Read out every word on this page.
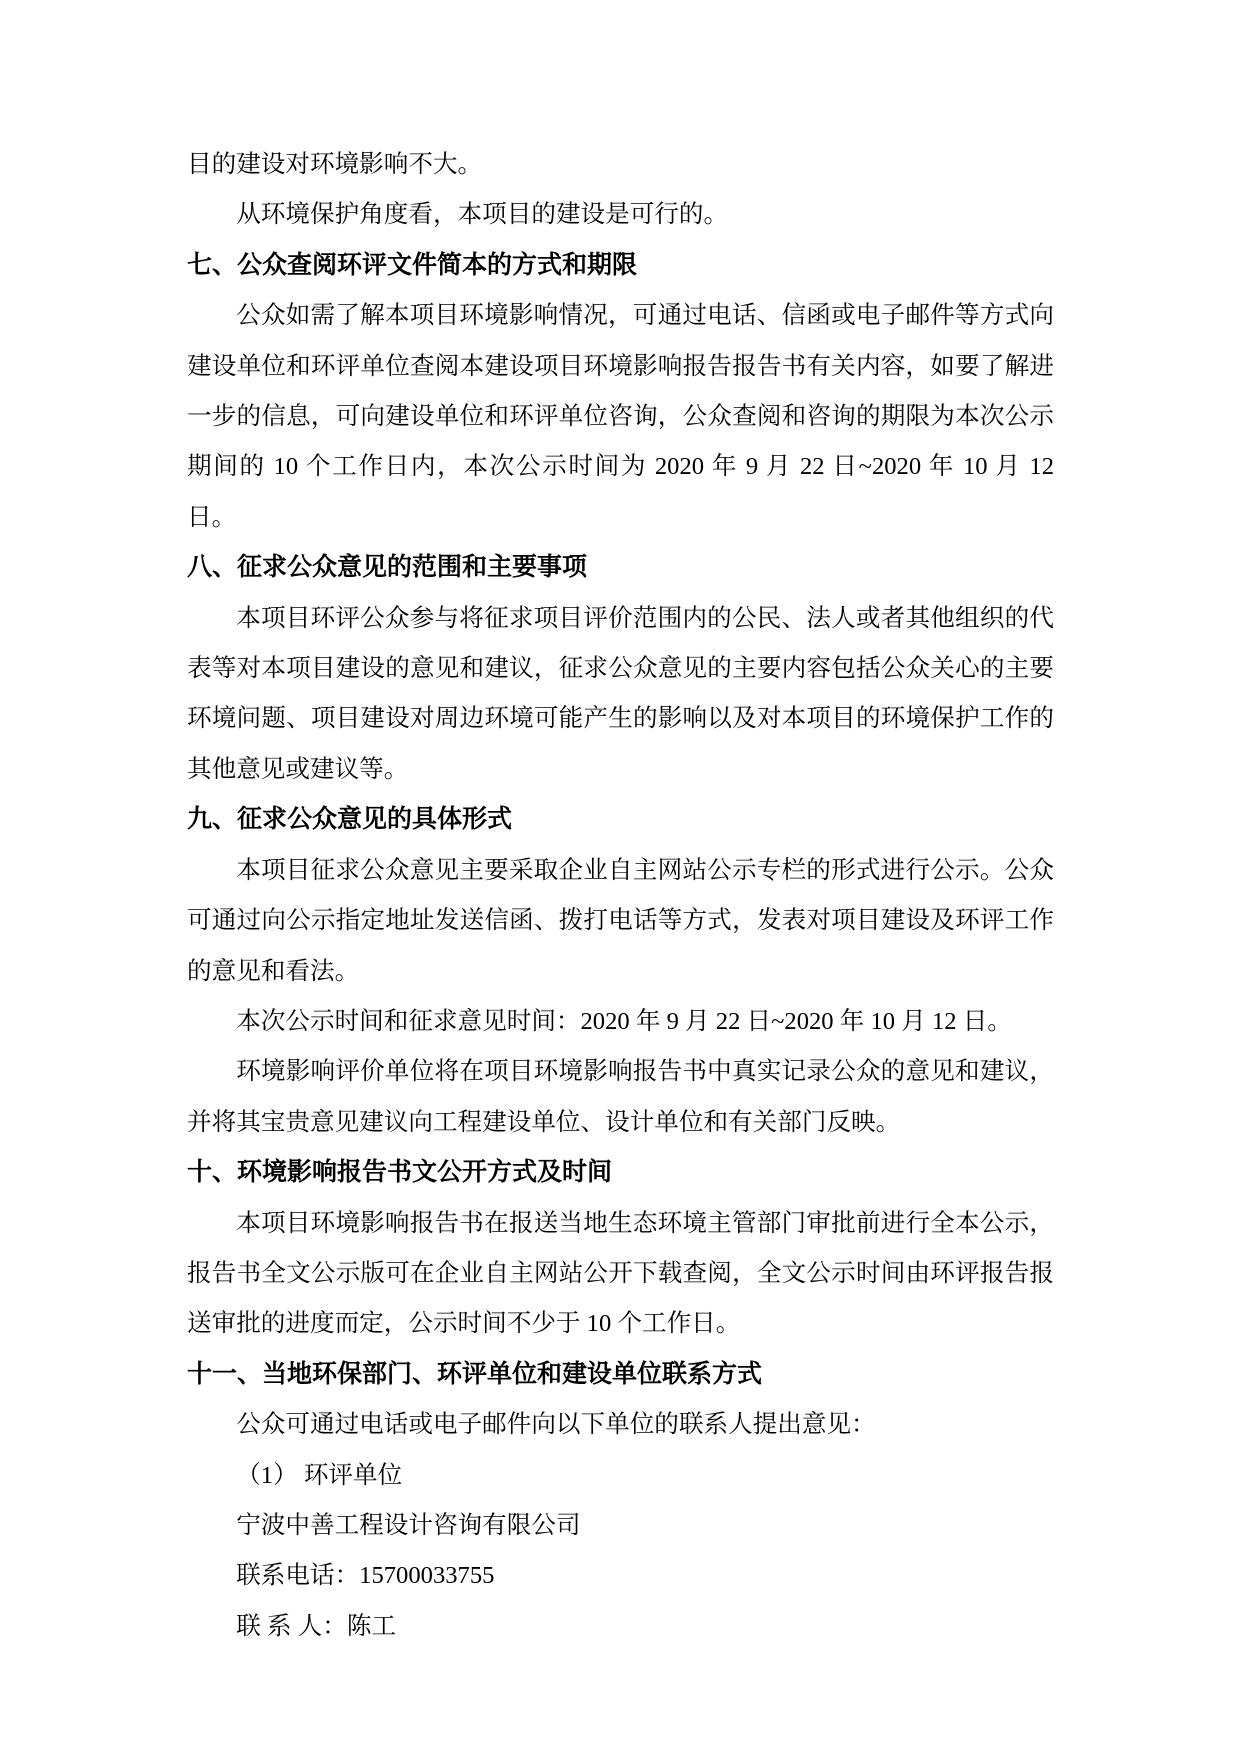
目的建设对环境影响不大。

从环境保护角度看，本项目的建设是可行的。

七、公众查阅环评文件简本的方式和期限

公众如需了解本项目环境影响情况，可通过电话、信函或电子邮件等方式向建设单位和环评单位查阅本建设项目环境影响报告报告书有关内容，如要了解进一步的信息，可向建设单位和环评单位咨询，公众查阅和咨询的期限为本次公示期间的 10 个工作日内，本次公示时间为 2020 年 9 月 22 日~2020 年 10 月 12 日。

八、征求公众意见的范围和主要事项

本项目环评公众参与将征求项目评价范围内的公民、法人或者其他组织的代表等对本项目建设的意见和建议，征求公众意见的主要内容包括公众关心的主要环境问题、项目建设对周边环境可能产生的影响以及对本项目的环境保护工作的其他意见或建议等。

九、征求公众意见的具体形式

本项目征求公众意见主要采取企业自主网站公示专栏的形式进行公示。公众可通过向公示指定地址发送信函、拨打电话等方式，发表对项目建设及环评工作的意见和看法。

本次公示时间和征求意见时间：2020 年 9 月 22 日~2020 年 10 月 12 日。

环境影响评价单位将在项目环境影响报告书中真实记录公众的意见和建议，并将其宝贵意见建议向工程建设单位、设计单位和有关部门反映。

十、环境影响报告书文公开方式及时间

本项目环境影响报告书在报送当地生态环境主管部门审批前进行全本公示，报告书全文公示版可在企业自主网站公开下载查阅，全文公示时间由环评报告报送审批的进度而定，公示时间不少于 10 个工作日。

十一、当地环保部门、环评单位和建设单位联系方式

公众可通过电话或电子邮件向以下单位的联系人提出意见：

（1） 环评单位

宁波中善工程设计咨询有限公司

联系电话：15700033755

联 系 人：陈工
